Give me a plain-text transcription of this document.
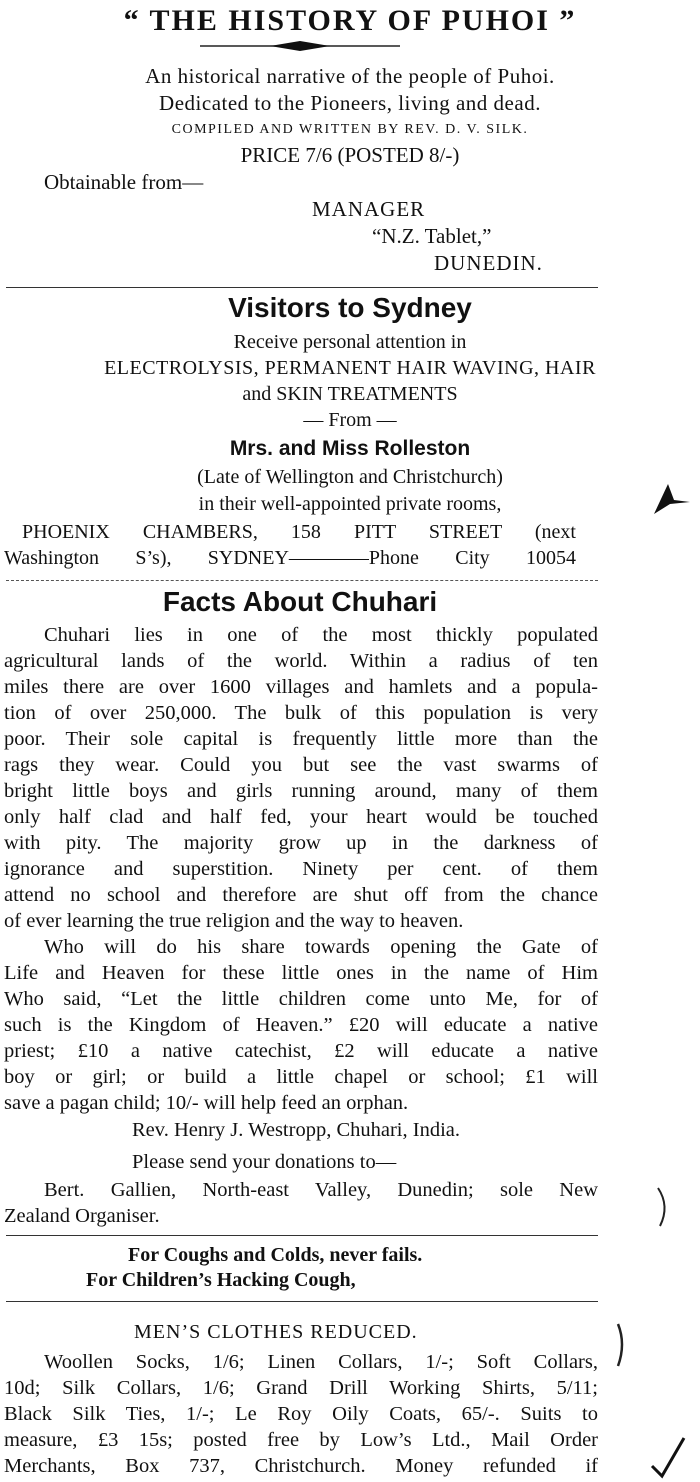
“ THE HISTORY OF PUHOI ”
An historical narrative of the people of Puhoi.
Dedicated to the Pioneers, living and dead.
COMPILED AND WRITTEN BY REV. D. V. SILK.
PRICE 7/6 (POSTED 8/-)
Obtainable from—
MANAGER
“N.Z. Tablet,”
DUNEDIN.
Visitors to Sydney
Receive personal attention in
ELECTROLYSIS, PERMANENT HAIR WAVING, HAIR
and SKIN TREATMENTS
— From —
Mrs. and Miss Rolleston
(Late of Wellington and Christchurch)
in their well-appointed private rooms,
PHOENIX CHAMBERS, 158 PITT STREET (next
Washington S’s), SYDNEY————Phone City 10054
Facts About Chuhari
Chuhari lies in one of the most thickly populated
agricultural lands of the world. Within a radius of ten
miles there are over 1600 villages and hamlets and a popula-
tion of over 250,000. The bulk of this population is very
poor. Their sole capital is frequently little more than the
rags they wear. Could you but see the vast swarms of
bright little boys and girls running around, many of them
only half clad and half fed, your heart would be touched
with pity. The majority grow up in the darkness of
ignorance and superstition. Ninety per cent. of them
attend no school and therefore are shut off from the chance
of ever learning the true religion and the way to heaven.
Who will do his share towards opening the Gate of
Life and Heaven for these little ones in the name of Him
Who said, “Let the little children come unto Me, for of
such is the Kingdom of Heaven.” £20 will educate a native
priest; £10 a native catechist, £2 will educate a native
boy or girl; or build a little chapel or school; £1 will
save a pagan child; 10/- will help feed an orphan.
Rev. Henry J. Westropp, Chuhari, India.
Please send your donations to—
Bert. Gallien, North-east Valley, Dunedin; sole New
Zealand Organiser.
For Coughs and Colds, never fails.
For Children’s Hacking Cough,
MEN’S CLOTHES REDUCED.
Woollen Socks, 1/6; Linen Collars, 1/-; Soft Collars,
10d; Silk Collars, 1/6; Grand Drill Working Shirts, 5/11;
Black Silk Ties, 1/-; Le Roy Oily Coats, 65/-. Suits to
measure, £3 15s; posted free by Low’s Ltd., Mail Order
Merchants, Box 737, Christchurch. Money refunded if
